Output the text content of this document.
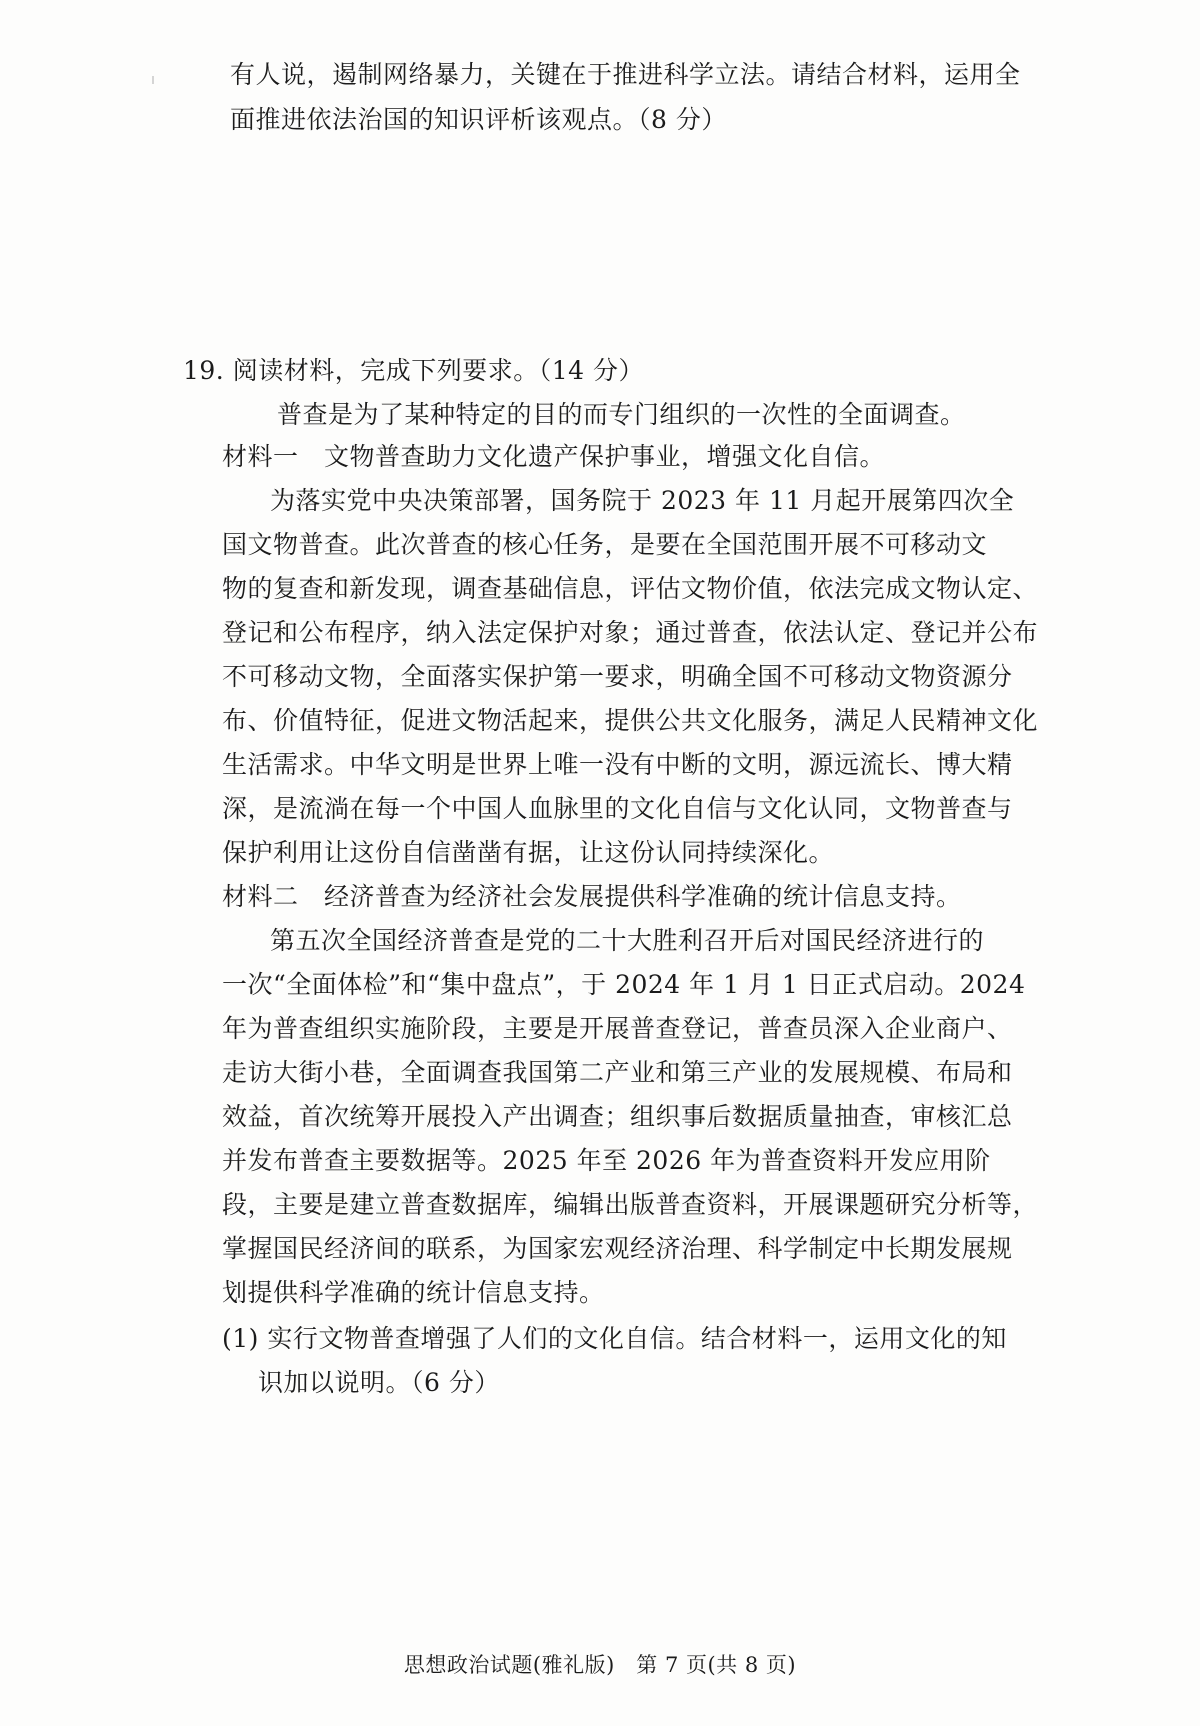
有人说，遏制网络暴力，关键在于推进科学立法。请结合材料，运用全
面推进依法治国的知识评析该观点。（8 分）
19. 阅读材料，完成下列要求。（14 分）
普查是为了某种特定的目的而专门组织的一次性的全面调查。
材料一　文物普查助力文化遗产保护事业，增强文化自信。
为落实党中央决策部署，国务院于 2023 年 11 月起开展第四次全
国文物普查。此次普查的核心任务，是要在全国范围开展不可移动文
物的复查和新发现，调查基础信息，评估文物价值，依法完成文物认定、
登记和公布程序，纳入法定保护对象；通过普查，依法认定、登记并公布
不可移动文物，全面落实保护第一要求，明确全国不可移动文物资源分
布、价值特征，促进文物活起来，提供公共文化服务，满足人民精神文化
生活需求。中华文明是世界上唯一没有中断的文明，源远流长、博大精
深，是流淌在每一个中国人血脉里的文化自信与文化认同，文物普查与
保护利用让这份自信凿凿有据，让这份认同持续深化。
材料二　经济普查为经济社会发展提供科学准确的统计信息支持。
第五次全国经济普查是党的二十大胜利召开后对国民经济进行的
一次“全面体检”和“集中盘点”，于 2024 年 1 月 1 日正式启动。2024
年为普查组织实施阶段，主要是开展普查登记，普查员深入企业商户、
走访大街小巷，全面调查我国第二产业和第三产业的发展规模、布局和
效益，首次统筹开展投入产出调查；组织事后数据质量抽查，审核汇总
并发布普查主要数据等。2025 年至 2026 年为普查资料开发应用阶
段，主要是建立普查数据库，编辑出版普查资料，开展课题研究分析等，
掌握国民经济间的联系，为国家宏观经济治理、科学制定中长期发展规
划提供科学准确的统计信息支持。
(1) 实行文物普查增强了人们的文化自信。结合材料一，运用文化的知
识加以说明。（6 分）
思想政治试题(雅礼版)　第 7 页(共 8 页)
